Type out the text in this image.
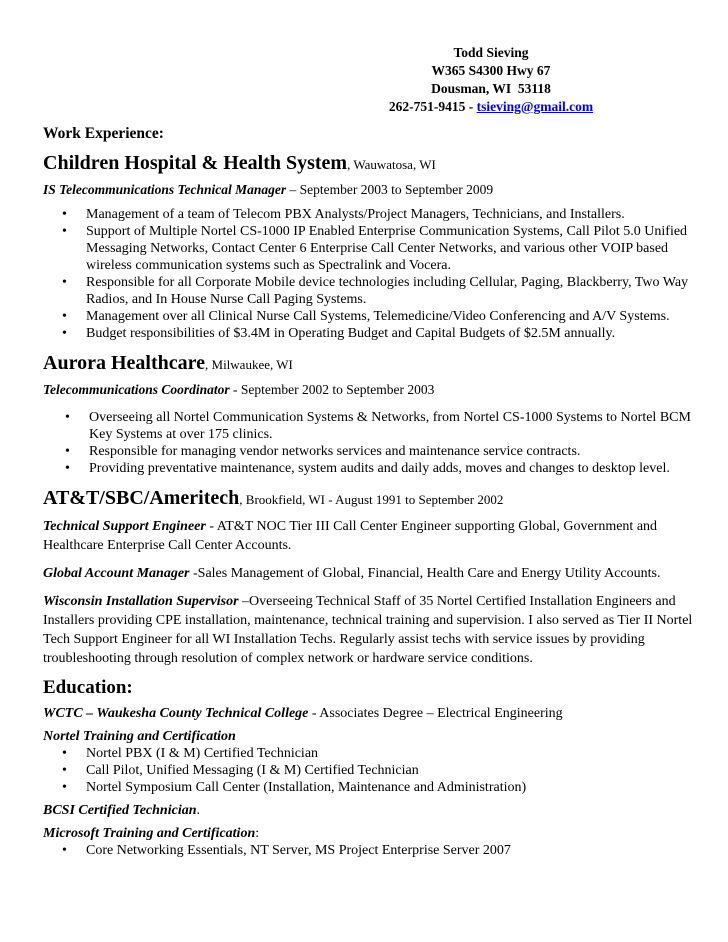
Todd Sieving
W365 S4300 Hwy 67
Dousman, WI  53118
262-751-9415 - tsieving@gmail.com
Work Experience:
Children Hospital & Health System, Wauwatosa, WI
IS Telecommunications Technical Manager – September 2003 to September 2009
•	Management of a team of Telecom PBX Analysts/Project Managers, Technicians, and Installers.
•	Support of Multiple Nortel CS-1000 IP Enabled Enterprise Communication Systems, Call Pilot 5.0 Unified Messaging Networks, Contact Center 6 Enterprise Call Center Networks, and various other VOIP based wireless communication systems such as Spectralink and Vocera.
•	Responsible for all Corporate Mobile device technologies including Cellular, Paging, Blackberry, Two Way Radios, and In House Nurse Call Paging Systems.
•	Management over all Clinical Nurse Call Systems, Telemedicine/Video Conferencing and A/V Systems.
•	Budget responsibilities of $3.4M in Operating Budget and Capital Budgets of $2.5M annually.
Aurora Healthcare, Milwaukee, WI
Telecommunications Coordinator - September 2002 to September 2003
•	Overseeing all Nortel Communication Systems & Networks, from Nortel CS-1000 Systems to Nortel BCM Key Systems at over 175 clinics.
•	Responsible for managing vendor networks services and maintenance service contracts.
•	Providing preventative maintenance, system audits and daily adds, moves and changes to desktop level.
AT&T/SBC/Ameritech, Brookfield, WI - August 1991 to September 2002
Technical Support Engineer - AT&T NOC Tier III Call Center Engineer supporting Global, Government and Healthcare Enterprise Call Center Accounts.
Global Account Manager -Sales Management of Global, Financial, Health Care and Energy Utility Accounts.
Wisconsin Installation Supervisor –Overseeing Technical Staff of 35 Nortel Certified Installation Engineers and Installers providing CPE installation, maintenance, technical training and supervision. I also served as Tier II Nortel Tech Support Engineer for all WI Installation Techs. Regularly assist techs with service issues by providing troubleshooting through resolution of complex network or hardware service conditions.
Education:
WCTC – Waukesha County Technical College - Associates Degree – Electrical Engineering
Nortel Training and Certification
•	Nortel PBX (I & M) Certified Technician
•	Call Pilot, Unified Messaging (I & M) Certified Technician
•	Nortel Symposium Call Center (Installation, Maintenance and Administration)
BCSI Certified Technician.
Microsoft Training and Certification:
•	Core Networking Essentials, NT Server, MS Project Enterprise Server 2007
